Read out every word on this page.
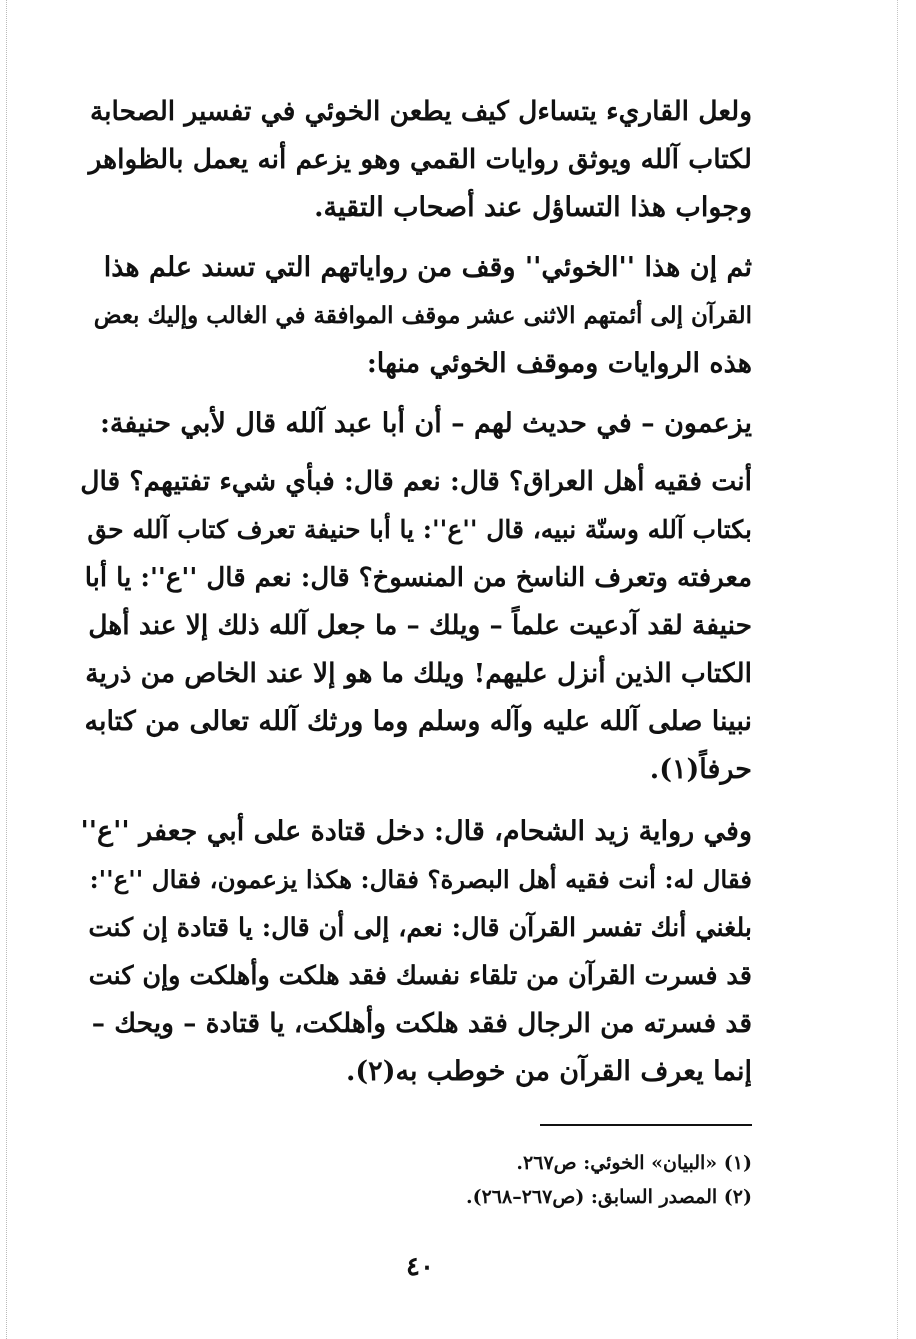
ولعل القاريء يتساءل كيف يطعن الخوئي في تفسير الصحابة
لكتاب آلله ويوثق روايات القمي وهو يزعم أنه يعمل بالظواهر
وجواب هذا التساؤل عند أصحاب التقية.
ثم إن هذا ''الخوئي'' وقف من رواياتهم التي تسند علم هذا
القرآن إلى أئمتهم الاثنى عشر موقف الموافقة في الغالب وإليك بعض
هذه الروايات وموقف الخوئي منها:
يزعمون – في حديث لهم – أن أبا عبد آلله قال لأبي حنيفة:
أنت فقيه أهل العراق؟ قال: نعم قال: فبأي شيء تفتيهم؟ قال
بكتاب آلله وسنّة نبيه، قال ''ع'': يا أبا حنيفة تعرف كتاب آلله حق
معرفته وتعرف الناسخ من المنسوخ؟ قال: نعم قال ''ع'': يا أبا
حنيفة لقد آدعيت علماً – ويلك – ما جعل آلله ذلك إلا عند أهل
الكتاب الذين أنزل عليهم! ويلك ما هو إلا عند الخاص من ذرية
نبينا صلى آلله عليه وآله وسلم وما ورثك آلله تعالى من كتابه
حرفاً(١).
وفي رواية زيد الشحام، قال: دخل قتادة على أبي جعفر ''ع''
فقال له: أنت فقيه أهل البصرة؟ فقال: هكذا يزعمون، فقال ''ع'':
بلغني أنك تفسر القرآن قال: نعم، إلى أن قال: يا قتادة إن كنت
قد فسرت القرآن من تلقاء نفسك فقد هلكت وأهلكت وإن كنت
قد فسرته من الرجال فقد هلكت وأهلكت، يا قتادة – ويحك –
إنما يعرف القرآن من خوطب به(٢).
(١) «البيان» الخوئي: ص٢٦٧.
(٢) المصدر السابق: (ص٢٦٧–٢٦٨).
٤٠
